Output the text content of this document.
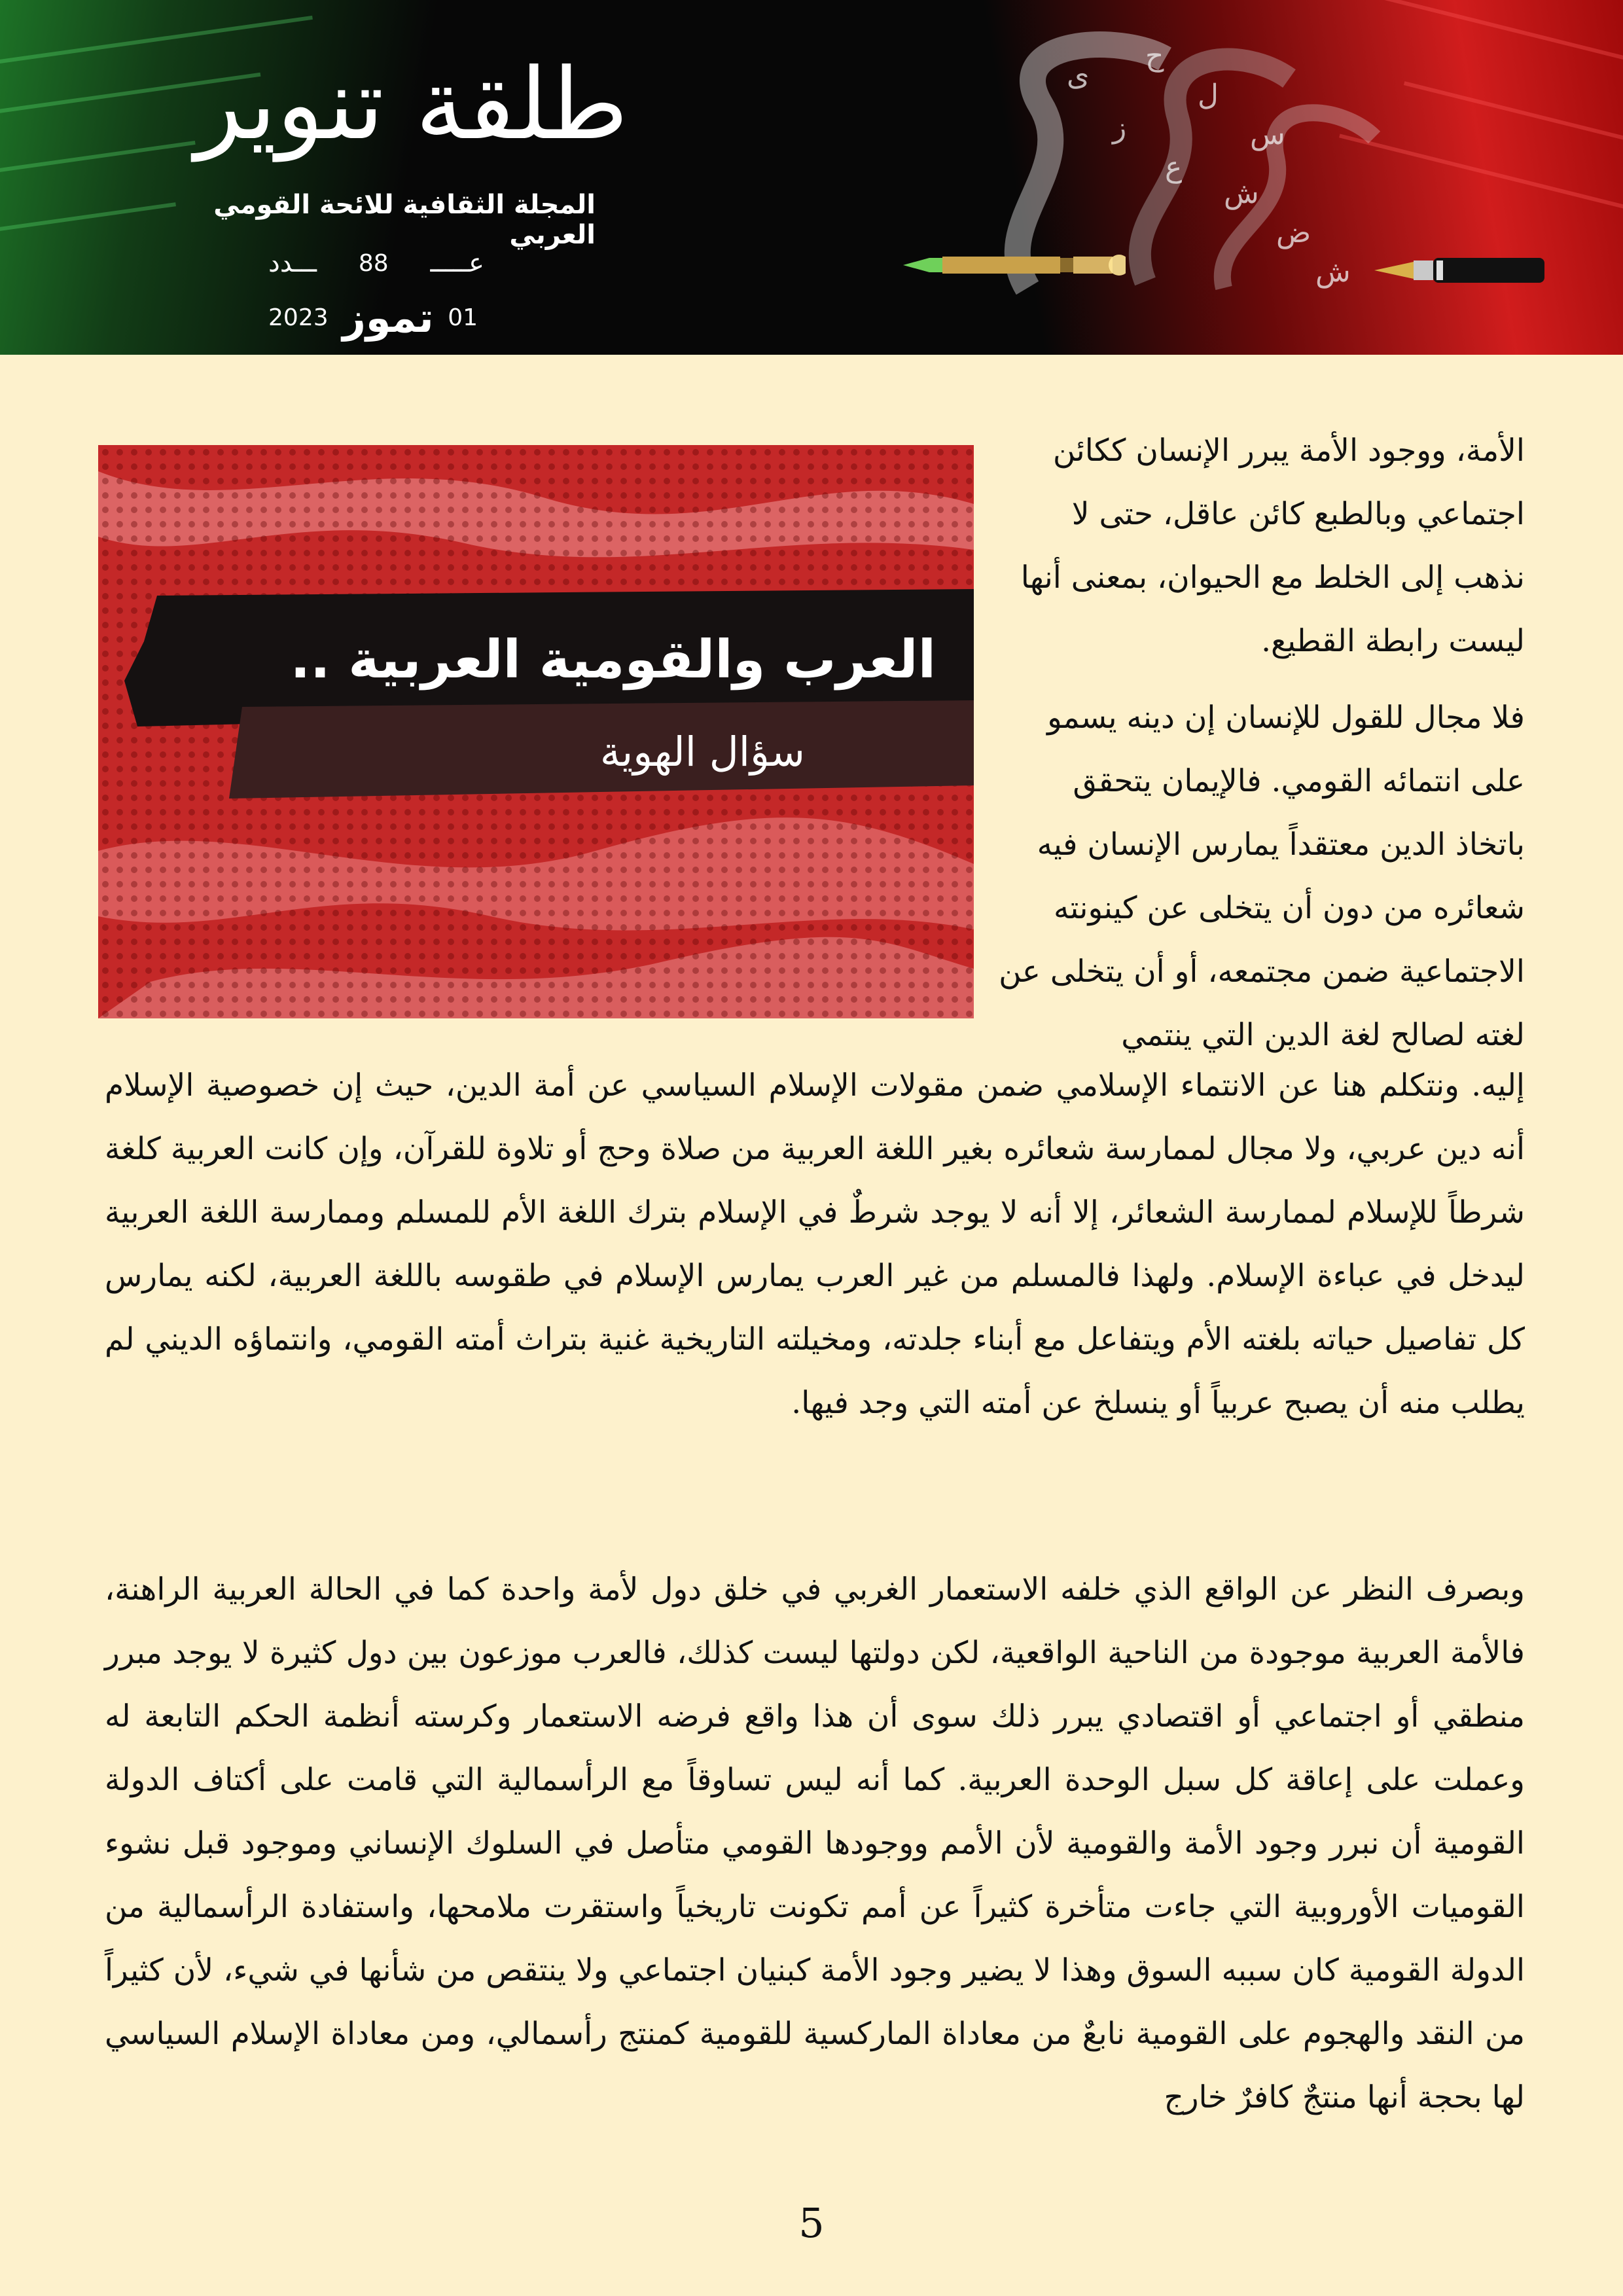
ى
ز
ع
ش
ض
ش
ح
ل
س
طلقة تنوير
المجلة الثقافية للائحة القومي العربي
عـــــ
88
ـــدد
01
تموز
2023
العرب والقومية العربية ..
سؤال الهوية

الأمة، ووجود الأمة يبرر الإنسان ككائن اجتماعي وبالطبع كائن عاقل، حتى لا نذهب إلى الخلط مع الحيوان، بمعنى أنها ليست رابطة القطيع.

فلا مجال للقول للإنسان إن دينه يسمو على انتمائه القومي. فالإيمان يتحقق باتخاذ الدين معتقداً يمارس الإنسان فيه شعائره من دون أن يتخلى عن كينونته الاجتماعية ضمن مجتمعه، أو أن يتخلى عن لغته لصالح لغة الدين التي ينتمي

إليه. ونتكلم هنا عن الانتماء الإسلامي ضمن مقولات الإسلام السياسي عن أمة الدين، حيث إن خصوصية الإسلام أنه دين عربي، ولا مجال لممارسة شعائره بغير اللغة العربية من صلاة وحج أو تلاوة للقرآن، وإن كانت العربية كلغة شرطاً للإسلام لممارسة الشعائر، إلا أنه لا يوجد شرطٌ في الإسلام بترك اللغة الأم للمسلم وممارسة اللغة العربية ليدخل في عباءة الإسلام. ولهذا فالمسلم من غير العرب يمارس الإسلام في طقوسه باللغة العربية، لكنه يمارس كل تفاصيل حياته بلغته الأم ويتفاعل مع أبناء جلدته، ومخيلته التاريخية غنية بتراث أمته القومي، وانتماؤه الديني لم يطلب منه أن يصبح عربياً أو ينسلخ عن أمته التي وجد فيها.

وبصرف النظر عن الواقع الذي خلفه الاستعمار الغربي في خلق دول لأمة واحدة كما في الحالة العربية الراهنة، فالأمة العربية موجودة من الناحية الواقعية، لكن دولتها ليست كذلك، فالعرب موزعون بين دول كثيرة لا يوجد مبرر منطقي أو اجتماعي أو اقتصادي يبرر ذلك سوى أن هذا واقع فرضه الاستعمار وكرسته أنظمة الحكم التابعة له وعملت على إعاقة كل سبل الوحدة العربية. كما أنه ليس تساوقاً مع الرأسمالية التي قامت على أكتاف الدولة القومية أن نبرر وجود الأمة والقومية لأن الأمم ووجودها القومي متأصل في السلوك الإنساني وموجود قبل نشوء القوميات الأوروبية التي جاءت متأخرة كثيراً عن أمم تكونت تاريخياً واستقرت ملامحها، واستفادة الرأسمالية من الدولة القومية كان سببه السوق وهذا لا يضير وجود الأمة كبنيان اجتماعي ولا ينتقص من شأنها في شيء، لأن كثيراً من النقد والهجوم على القومية نابعٌ من معاداة الماركسية للقومية كمنتج رأسمالي، ومن معاداة الإسلام السياسي لها بحجة أنها منتجٌ كافرٌ خارج

5
